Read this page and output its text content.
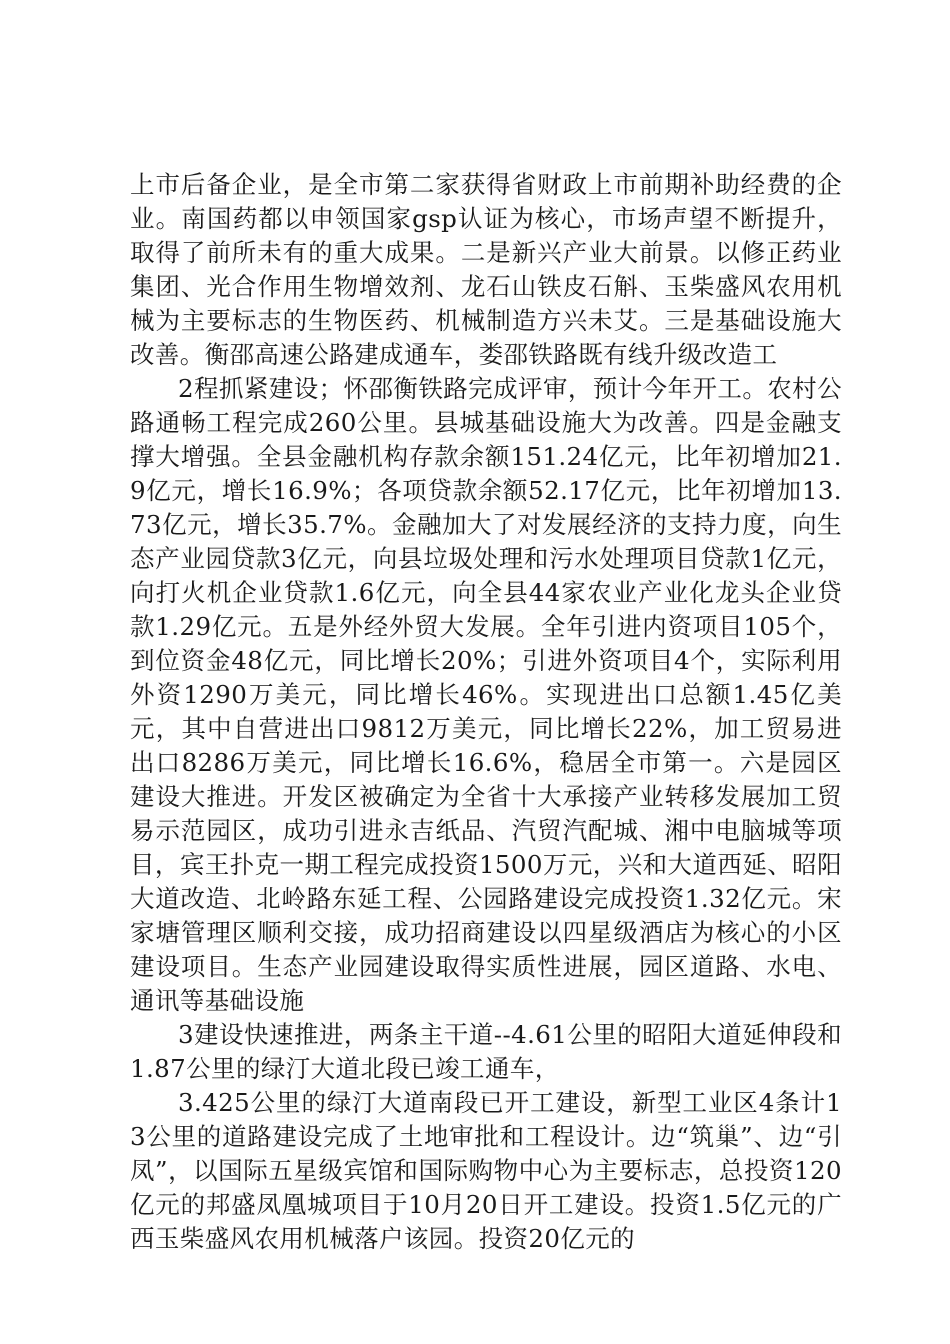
上市后备企业，是全市第二家获得省财政上市前期补助经费的企业。南国药都以申领国家gsp认证为核心，市场声望不断提升，取得了前所未有的重大成果。二是新兴产业大前景。以修正药业集团、光合作用生物增效剂、龙石山铁皮石斛、玉柴盛风农用机械为主要标志的生物医药、机械制造方兴未艾。三是基础设施大改善。衡邵高速公路建成通车，娄邵铁路既有线升级改造工

2程抓紧建设；怀邵衡铁路完成评审，预计今年开工。农村公路通畅工程完成260公里。县城基础设施大为改善。四是金融支撑大增强。全县金融机构存款余额151.24亿元，比年初增加21.9亿元，增长16.9%；各项贷款余额52.17亿元，比年初增加13.73亿元，增长35.7%。金融加大了对发展经济的支持力度，向生态产业园贷款3亿元，向县垃圾处理和污水处理项目贷款1亿元，向打火机企业贷款1.6亿元，向全县44家农业产业化龙头企业贷款1.29亿元。五是外经外贸大发展。全年引进内资项目105个，到位资金48亿元，同比增长20%；引进外资项目4个，实际利用外资1290万美元，同比增长46%。实现进出口总额1.45亿美元，其中自营进出口9812万美元，同比增长22%，加工贸易进出口8286万美元，同比增长16.6%，稳居全市第一。六是园区建设大推进。开发区被确定为全省十大承接产业转移发展加工贸易示范园区，成功引进永吉纸品、汽贸汽配城、湘中电脑城等项目，宾王扑克一期工程完成投资1500万元，兴和大道西延、昭阳大道改造、北岭路东延工程、公园路建设完成投资1.32亿元。宋家塘管理区顺利交接，成功招商建设以四星级酒店为核心的小区建设项目。生态产业园建设取得实质性进展，园区道路、水电、通讯等基础设施

3建设快速推进，两条主干道--4.61公里的昭阳大道延伸段和1.87公里的绿汀大道北段已竣工通车，

3.425公里的绿汀大道南段已开工建设，新型工业区4条计13公里的道路建设完成了土地审批和工程设计。边“筑巢”、边“引凤”，以国际五星级宾馆和国际购物中心为主要标志，总投资120亿元的邦盛凤凰城项目于10月20日开工建设。投资1.5亿元的广西玉柴盛风农用机械落户该园。投资20亿元的
